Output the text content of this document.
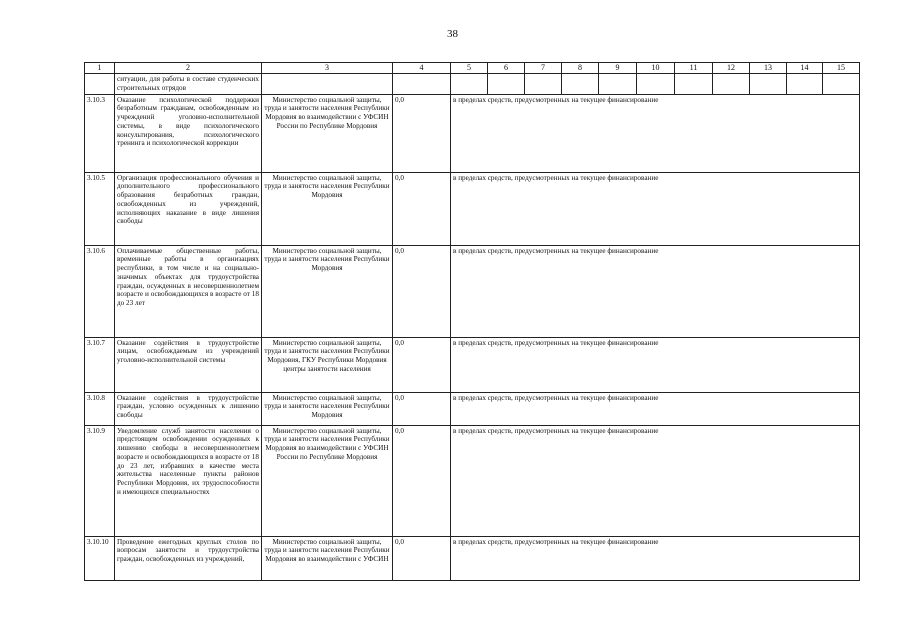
38
1	2	3	4	5	6	7	8	9	10	11	12	13	14	15
	ситуации, для работы в составе студенческих строительных отрядов													
3.10.3	Оказание психологической поддержки безработным гражданам, освобожденным из учреждений уголовно-исполнительной системы, в виде психологического консультирования, психологического тренинга и психологической коррекции	Министерство социальной защиты, труда и занятости населения Республики Мордовия во взаимодействии с УФСИН России по Республике Мордовия	0,0	в пределах средств, предусмотренных на текущее финансирование										
3.10.5	Организация профессионального обучения и дополнительного профессионального образования безработных граждан, освобожденных из учреждений, исполняющих наказание в виде лишения свободы	Министерство социальной защиты, труда и занятости населения Республики Мордовия	0,0	в пределах средств, предусмотренных на текущее финансирование										
3.10.6	Оплачиваемые общественные работы, временные работы в организациях республики, в том числе и на социально-значимых объектах для трудоустройства граждан, осужденных в несовершеннолетнем возрасте и освобождающихся в возрасте от 18 до 23 лет	Министерство социальной защиты, труда и занятости населения Республики Мордовия	0,0	в пределах средств, предусмотренных на текущее финансирование										
3.10.7	Оказание содействия в трудоустройстве лицам, освобождаемым из учреждений уголовно-исполнительной системы	Министерство социальной защиты, труда и занятости населения Республики Мордовия, ГКУ Республики Мордовия центры занятости населения	0,0	в пределах средств, предусмотренных на текущее финансирование										
3.10.8	Оказание содействия в трудоустройстве граждан, условно осужденных к лишению свободы	Министерство социальной защиты, труда и занятости населения Республики Мордовия	0,0	в пределах средств, предусмотренных на текущее финансирование										
3.10.9	Уведомление служб занятости населения о предстоящем освобождении осужденных к лишению свободы в несовершеннолетнем возрасте и освобождающихся в возрасте от 18 до 23 лет, избравших в качестве места жительства населенные пункты районов Республики Мордовия, их трудоспособности и имеющихся специальностях	Министерство социальной защиты, труда и занятости населения Республики Мордовия во взаимодействии с УФСИН России по Республике Мордовия	0,0	в пределах средств, предусмотренных на текущее финансирование										
3.10.10	Проведение ежегодных круглых столов по вопросам занятости и трудоустройства граждан, освобожденных из учреждений,	Министерство социальной защиты, труда и занятости населения Республики Мордовия во взаимодействии с УФСИН	0,0	в пределах средств, предусмотренных на текущее финансирование										
